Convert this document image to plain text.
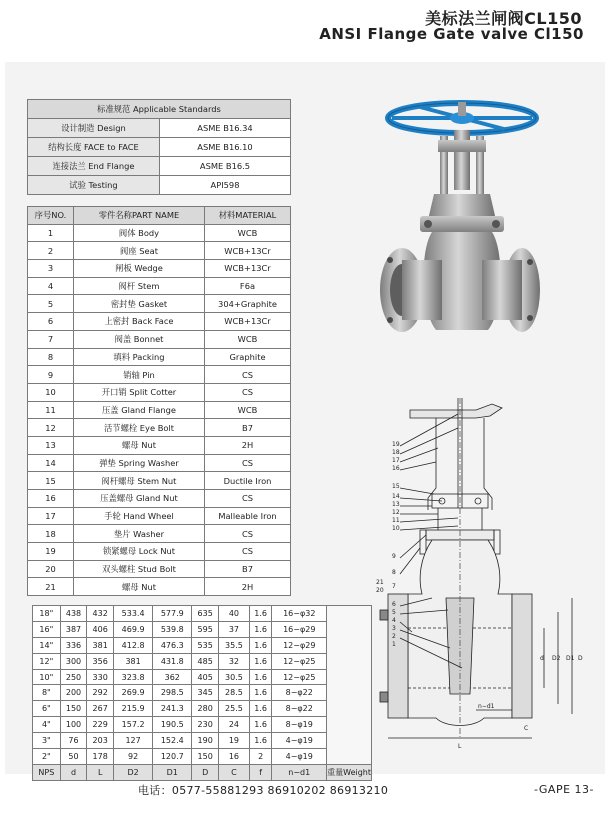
美标法兰闸阀CL150
ANSI Flange Gate valve Cl150
标准规范 Applicable Standards	
设计制造 Design	ASME B16.34
结构长度 FACE to FACE	ASME B16.10
连接法兰 End Flange	ASME B16.5
试验 Testing	API598
序号NO.	零件名称PART NAME	材料MATERIAL
1	阀体 Body	WCB
2	阀座 Seat	WCB+13Cr
3	闸板 Wedge	WCB+13Cr
4	阀杆 Stem	F6a
5	密封垫 Gasket	304+Graphite
6	上密封 Back Face	WCB+13Cr
7	阀盖 Bonnet	WCB
8	填料 Packing	Graphite
9	销轴 Pin	CS
10	开口销 Split Cotter	CS
11	压盖 Gland Flange	WCB
12	活节螺栓 Eye Bolt	B7
13	螺母 Nut	2H
14	弹垫 Spring Washer	CS
15	阀杆螺母 Stem Nut	Ductile Iron
16	压盖螺母 Gland Nut	CS
17	手轮 Hand Wheel	Malleable Iron
18	垫片 Washer	CS
19	锁紧螺母 Lock Nut	CS
20	双头螺柱 Stud Bolt	B7
21	螺母 Nut	2H
18"	438	432	533.4	577.9	635	40	1.6	16−φ32	
16"	387	406	469.9	539.8	595	37	1.6	16−φ29	
14"	336	381	412.8	476.3	535	35.5	1.6	12−φ29	
12"	300	356	381	431.8	485	32	1.6	12−φ25	
10"	250	330	323.8	362	405	30.5	1.6	12−φ25	
8"	200	292	269.9	298.5	345	28.5	1.6	8−φ22	
6"	150	267	215.9	241.3	280	25.5	1.6	8−φ22	
4"	100	229	157.2	190.5	230	24	1.6	8−φ19	
3"	76	203	127	152.4	190	19	1.6	4−φ19	
2"	50	178	92	120.7	150	16	2	4−φ19	
NPS	d	L	D2	D1	D	C	f	n−d1	重量Weight
19
18
17
16
15
14
13
12
11
10
9
8
7
21
20
6
5
4
3
2
1
d D2 D1 D
L
C
n−d1
电话：0577-55881293 86910202 86913210	-GAPE 13-
